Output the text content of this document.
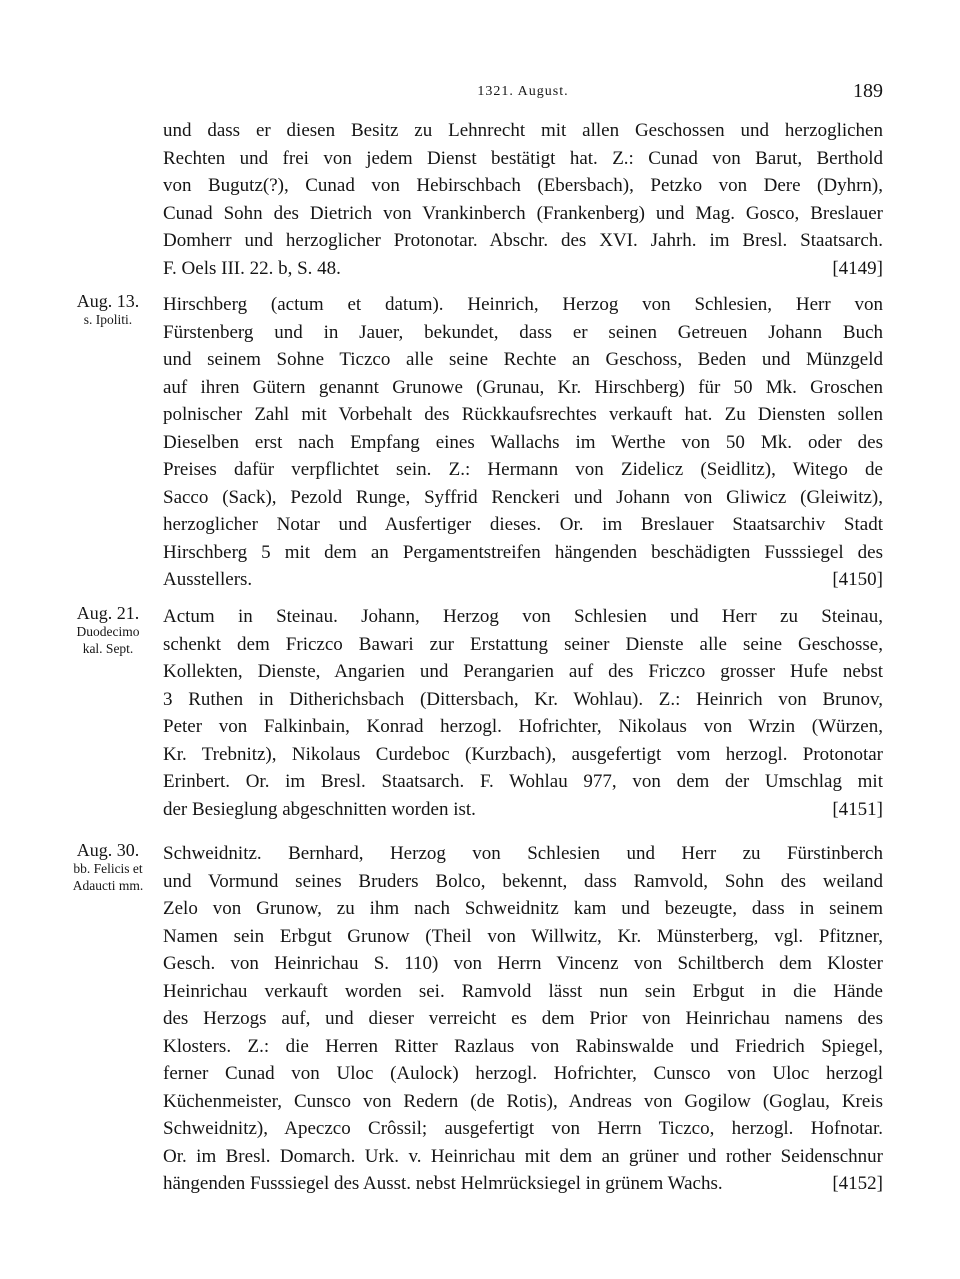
1321. August.	189
und dass er diesen Besitz zu Lehnrecht mit allen Geschossen und herzoglichen
Rechten und frei von jedem Dienst bestätigt hat. Z.: Cunad von Barut, Berthold
von Bugutz(?), Cunad von Hebirschbach (Ebersbach), Petzko von Dere (Dyhrn),
Cunad Sohn des Dietrich von Vrankinberch (Frankenberg) und Mag. Gosco, Breslauer
Domherr und herzoglicher Protonotar. Abschr. des XVI. Jahrh. im Bresl. Staatsarch.
F. Oels III. 22. b, S. 48.	[4149]
Aug. 13.
s. Ipoliti.
Hirschberg (actum et datum). Heinrich, Herzog von Schlesien, Herr von
Fürstenberg und in Jauer, bekundet, dass er seinen Getreuen Johann Buch
und seinem Sohne Ticzco alle seine Rechte an Geschoss, Beden und Münzgeld
auf ihren Gütern genannt Grunowe (Grunau, Kr. Hirschberg) für 50 Mk. Groschen
polnischer Zahl mit Vorbehalt des Rückkaufsrechtes verkauft hat. Zu Diensten sollen
Dieselben erst nach Empfang eines Wallachs im Werthe von 50 Mk. oder des
Preises dafür verpflichtet sein. Z.: Hermann von Zidelicz (Seidlitz), Witego de
Sacco (Sack), Pezold Runge, Syffrid Renckeri und Johann von Gliwicz (Gleiwitz),
herzoglicher Notar und Ausfertiger dieses. Or. im Breslauer Staatsarchiv Stadt
Hirschberg 5 mit dem an Pergamentstreifen hängenden beschädigten Fusssiegel des
Ausstellers.	[4150]
Aug. 21.
Duodecimo
kal. Sept.
Actum in Steinau. Johann, Herzog von Schlesien und Herr zu Steinau,
schenkt dem Friczco Bawari zur Erstattung seiner Dienste alle seine Geschosse,
Kollekten, Dienste, Angarien und Perangarien auf des Friczco grosser Hufe nebst
3 Ruthen in Ditherichsbach (Dittersbach, Kr. Wohlau). Z.: Heinrich von Brunov,
Peter von Falkinbain, Konrad herzogl. Hofrichter, Nikolaus von Wrzin (Würzen,
Kr. Trebnitz), Nikolaus Curdeboc (Kurzbach), ausgefertigt vom herzogl. Protonotar
Erinbert. Or. im Bresl. Staatsarch. F. Wohlau 977, von dem der Umschlag mit
der Besieglung abgeschnitten worden ist.	[4151]
Aug. 30.
bb. Felicis et
Adaucti mm.
Schweidnitz. Bernhard, Herzog von Schlesien und Herr zu Fürstinberch
und Vormund seines Bruders Bolco, bekennt, dass Ramvold, Sohn des weiland
Zelo von Grunow, zu ihm nach Schweidnitz kam und bezeugte, dass in seinem
Namen sein Erbgut Grunow (Theil von Willwitz, Kr. Münsterberg, vgl. Pfitzner,
Gesch. von Heinrichau S. 110) von Herrn Vincenz von Schiltberch dem Kloster
Heinrichau verkauft worden sei. Ramvold lässt nun sein Erbgut in die Hände
des Herzogs auf, und dieser verreicht es dem Prior von Heinrichau namens des
Klosters. Z.: die Herren Ritter Razlaus von Rabinswalde und Friedrich Spiegel,
ferner Cunad von Uloc (Aulock) herzogl. Hofrichter, Cunsco von Uloc herzogl
Küchenmeister, Cunsco von Redern (de Rotis), Andreas von Gogilow (Goglau, Kreis
Schweidnitz), Apeczco Crôssil; ausgefertigt von Herrn Ticzco, herzogl. Hofnotar.
Or. im Bresl. Domarch. Urk. v. Heinrichau mit dem an grüner und rother Seidenschnur
hängenden Fusssiegel des Ausst. nebst Helmrücksiegel in grünem Wachs.	[4152]
